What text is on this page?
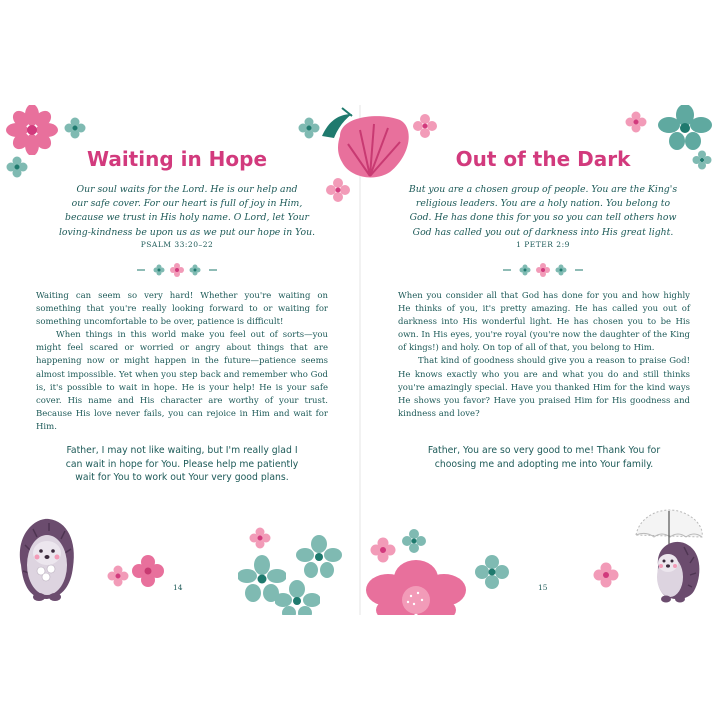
Waiting in Hope
Our soul waits for the Lord. He is our help and
our safe cover. For our heart is full of joy in Him,
because we trust in His holy name. O Lord, let Your
loving-kindness be upon us as we put our hope in You.
PSALM 33:20–22

Waiting can seem so very hard! Whether you're waiting on something that you're really looking forward to or waiting for something uncomfortable to be over, patience is difficult!

When things in this world make you feel out of sorts—you might feel scared or worried or angry about things that are happening now or might happen in the future—patience seems almost impossible. Yet when you step back and remember who God is, it's possible to wait in hope. He is your help! He is your safe cover. His name and His character are worthy of your trust. Because His love never fails, you can rejoice in Him and wait for Him.

Father, I may not like waiting, but I'm really glad I
can wait in hope for You. Please help me patiently
wait for You to work out Your very good plans.
14
Out of the Dark
But you are a chosen group of people. You are the King's
religious leaders. You are a holy nation. You belong to
God. He has done this for you so you can tell others how
God has called you out of darkness into His great light.
1 PETER 2:9

When you consider all that God has done for you and how highly He thinks of you, it's pretty amazing. He has called you out of darkness into His wonderful light. He has chosen you to be His own. In His eyes, you're royal (you're now the daughter of the King of kings!) and holy. On top of all of that, you belong to Him.

That kind of goodness should give you a reason to praise God! He knows exactly who you are and what you do and still thinks you're amazingly special. Have you thanked Him for the kind ways He shows you favor? Have you praised Him for His goodness and kindness and love?

Father, You are so very good to me! Thank You for
choosing me and adopting me into Your family.
15
